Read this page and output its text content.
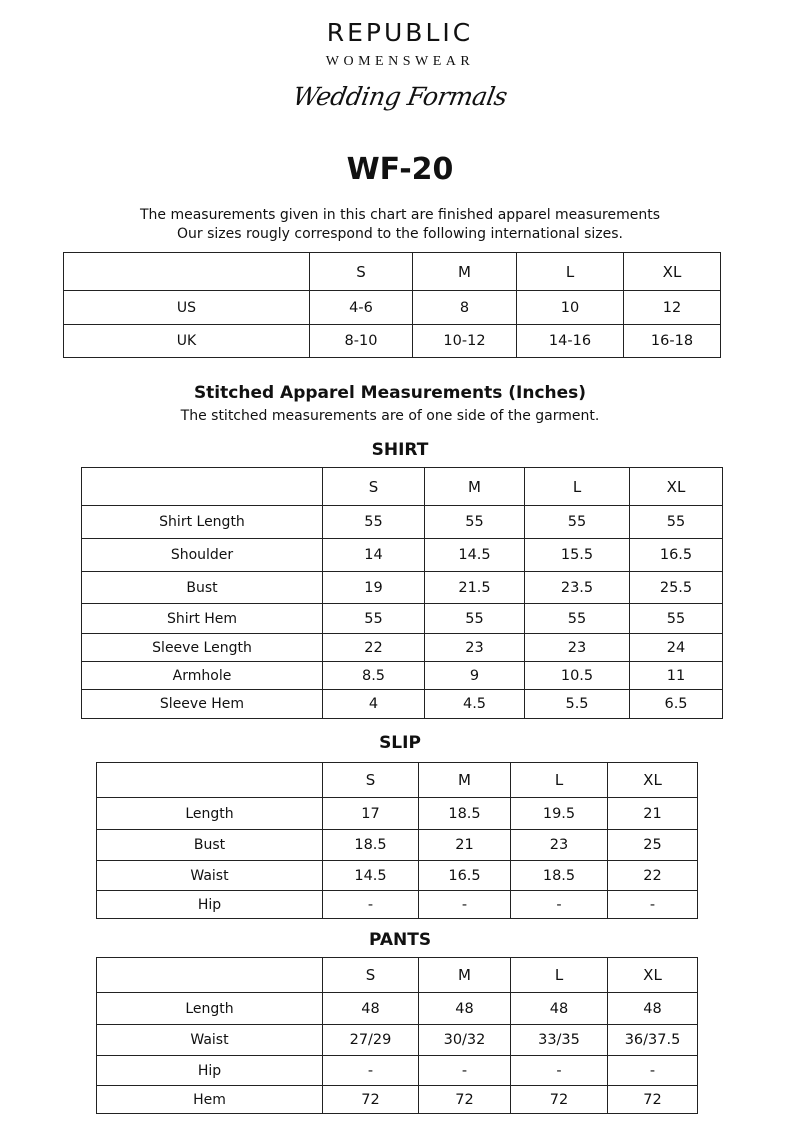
REPUBLIC
WOMENSWEAR
Wedding Formals
WF-20
The measurements given in this chart are finished apparel measurements
Our sizes rougly correspond to the following international sizes.
	S	M	L	XL
US	4-6	8	10	12
UK	8-10	10-12	14-16	16-18
Stitched Apparel Measurements (Inches)
The stitched measurements are of one side of the garment.
SHIRT
	S	M	L	XL
Shirt Length	55	55	55	55
Shoulder	14	14.5	15.5	16.5
Bust	19	21.5	23.5	25.5
Shirt Hem	55	55	55	55
Sleeve Length	22	23	23	24
Armhole	8.5	9	10.5	11
Sleeve Hem	4	4.5	5.5	6.5
SLIP
	S	M	L	XL
Length	17	18.5	19.5	21
Bust	18.5	21	23	25
Waist	14.5	16.5	18.5	22
Hip	-	-	-	-
PANTS
	S	M	L	XL
Length	48	48	48	48
Waist	27/29	30/32	33/35	36/37.5
Hip	-	-	-	-
Hem	72	72	72	72
